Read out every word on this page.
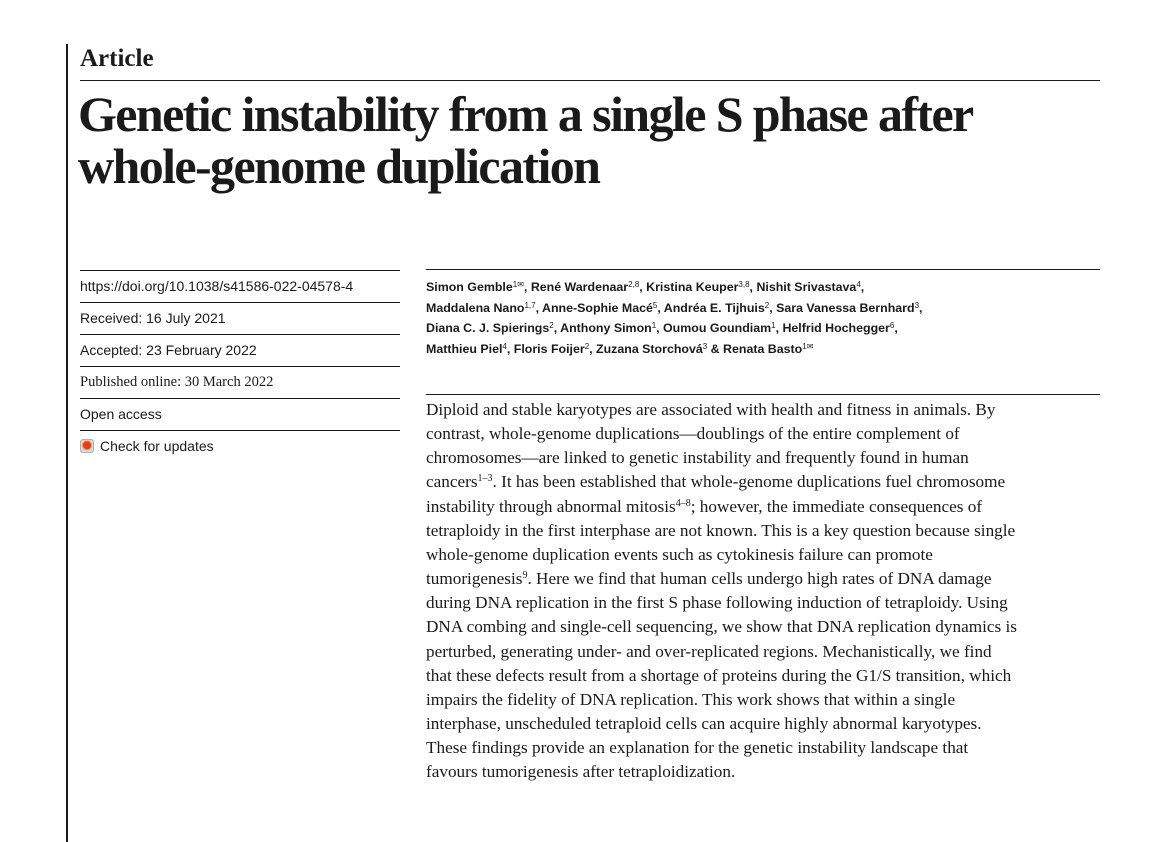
Article
Genetic instability from a single S phase after
whole-genome duplication
https://doi.org/10.1038/s41586-022-04578-4
Received: 16 July 2021
Accepted: 23 February 2022
Published online: 30 March 2022
Open access
Check for updates
Simon Gemble$^{1✉}$, René Wardenaar$^{2,8}$, Kristina Keuper$^{3,8}$, Nishit Srivastava$^4$,
Maddalena Nano$^{1,7}$, Anne-Sophie Macé$^5$, Andréa E. Tijhuis$^2$, Sara Vanessa Bernhard$^3$,
Diana C. J. Spierings$^2$, Anthony Simon$^1$, Oumou Goundiam$^1$, Helfrid Hochegger$^6$,
Matthieu Piel$^4$, Floris Foijer$^2$, Zuzana Storchová$^3$ & Renata Basto$^{1✉}$
Diploid and stable karyotypes are associated with health and fitness in animals. By
contrast, whole-genome duplications—doublings of the entire complement of
chromosomes—are linked to genetic instability and frequently found in human
cancers$^{1-3}$. It has been established that whole-genome duplications fuel chromosome
instability through abnormal mitosis$^{4-8}$; however, the immediate consequences of
tetraploidy in the first interphase are not known. This is a key question because single
whole-genome duplication events such as cytokinesis failure can promote
tumorigenesis$^9$. Here we find that human cells undergo high rates of DNA damage
during DNA replication in the first S phase following induction of tetraploidy. Using
DNA combing and single-cell sequencing, we show that DNA replication dynamics is
perturbed, generating under- and over-replicated regions. Mechanistically, we find
that these defects result from a shortage of proteins during the G1/S transition, which
impairs the fidelity of DNA replication. This work shows that within a single
interphase, unscheduled tetraploid cells can acquire highly abnormal karyotypes.
These findings provide an explanation for the genetic instability landscape that
favours tumorigenesis after tetraploidization.
